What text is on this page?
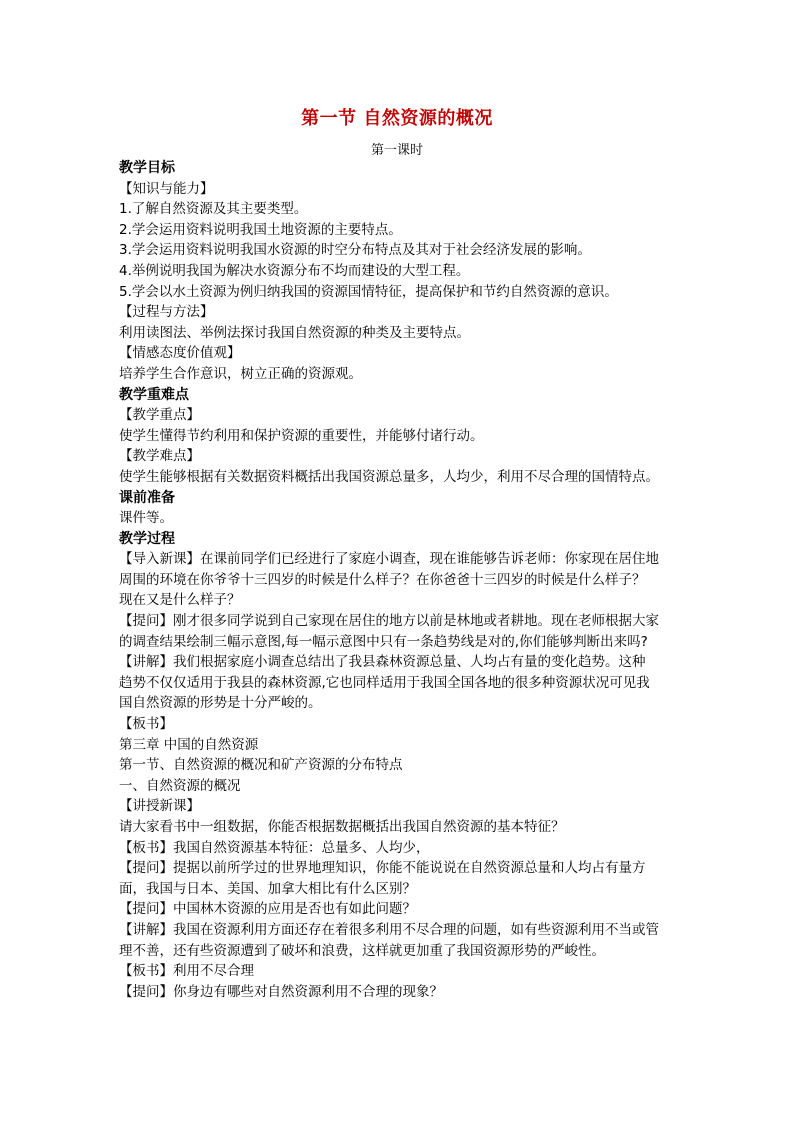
第一节 自然资源的概况
第一课时

教学目标

【知识与能力】

1.了解自然资源及其主要类型。

2.学会运用资料说明我国土地资源的主要特点。

3.学会运用资料说明我国水资源的时空分布特点及其对于社会经济发展的影响。

4.举例说明我国为解决水资源分布不均而建设的大型工程。

5.学会以水土资源为例归纳我国的资源国情特征，提高保护和节约自然资源的意识。

【过程与方法】

利用读图法、举例法探讨我国自然资源的种类及主要特点。

【情感态度价值观】

培养学生合作意识，树立正确的资源观。

教学重难点

【教学重点】

使学生懂得节约利用和保护资源的重要性，并能够付诸行动。

【教学难点】

使学生能够根据有关数据资料概括出我国资源总量多，人均少，利用不尽合理的国情特点。

课前准备

课件等。

教学过程

【导入新课】在课前同学们已经进行了家庭小调查，现在谁能够告诉老师：你家现在居住地

周围的环境在你爷爷十三四岁的时候是什么样子？在你爸爸十三四岁的时候是什么样子？

现在又是什么样子？

【提问】刚才很多同学说到自己家现在居住的地方以前是林地或者耕地。现在老师根据大家

的调查结果绘制三幅示意图,每一幅示意图中只有一条趋势线是对的,你们能够判断出来吗?

【讲解】我们根据家庭小调查总结出了我县森林资源总量、人均占有量的变化趋势。这种

趋势不仅仅适用于我县的森林资源,它也同样适用于我国全国各地的很多种资源状况可见我

国自然资源的形势是十分严峻的。

【板书】

第三章 中国的自然资源

第一节、自然资源的概况和矿产资源的分布特点

一、自然资源的概况

【讲授新课】

请大家看书中一组数据，你能否根据数据概括出我国自然资源的基本特征？

【板书】我国自然资源基本特征：总量多、人均少，

【提问】提据以前所学过的世界地理知识，你能不能说说在自然资源总量和人均占有量方

面，我国与日本、美国、加拿大相比有什么区别？

【提问】中国林木资源的应用是否也有如此问题？

【讲解】我国在资源利用方面还存在着很多利用不尽合理的问题，如有些资源利用不当或管

理不善，还有些资源遭到了破坏和浪费，这样就更加重了我国资源形势的严峻性。

【板书】利用不尽合理

【提问】你身边有哪些对自然资源利用不合理的现象？
